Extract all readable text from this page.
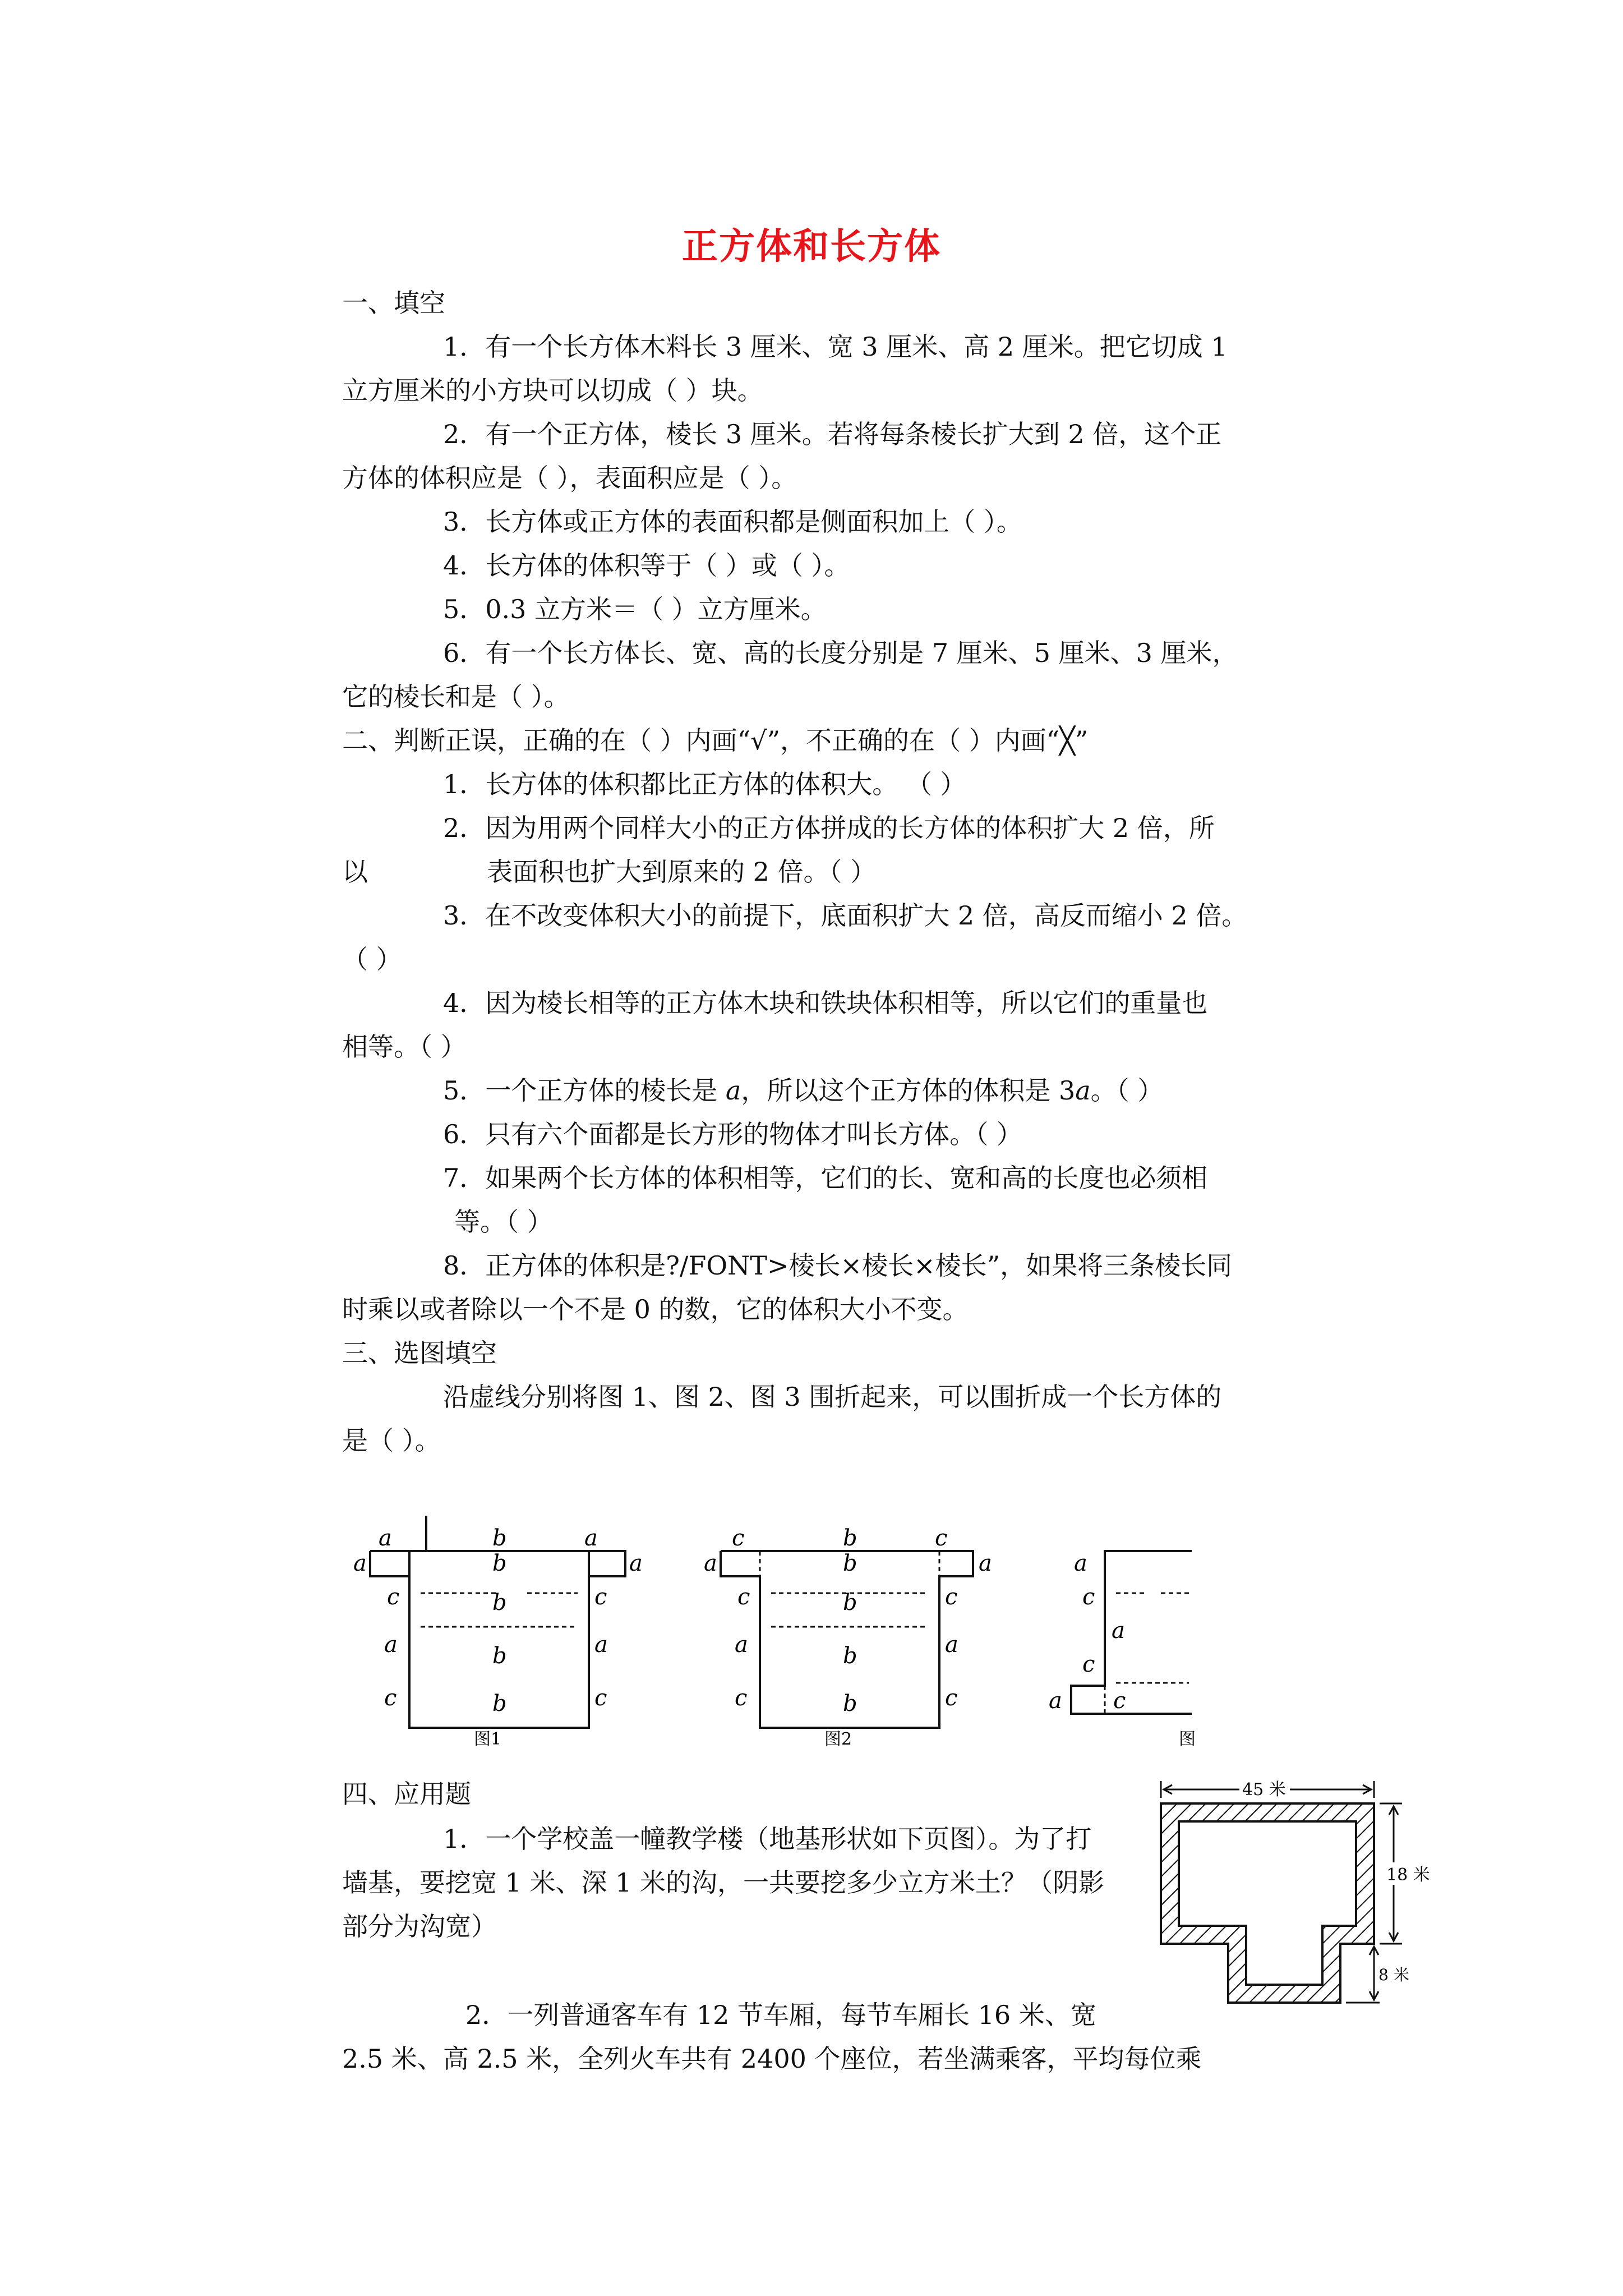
正方体和长方体
一、填空
1．有一个长方体木料长 3 厘米、宽 3 厘米、高 2 厘米。把它切成 1
立方厘米的小方块可以切成（ ）块。
2．有一个正方体，棱长 3 厘米。若将每条棱长扩大到 2 倍，这个正
方体的体积应是（ ），表面积应是（ ）。
3．长方体或正方体的表面积都是侧面积加上（ ）。
4．长方体的体积等于（ ）或（ ）。
5．0.3 立方米＝（ ）立方厘米。
6．有一个长方体长、宽、高的长度分别是 7 厘米、5 厘米、3 厘米，
它的棱长和是（ ）。
二、判断正误，正确的在（ ）内画“√”，不正确的在（ ）内画“╳”
1．长方体的体积都比正方体的体积大。 （ ）
2．因为用两个同样大小的正方体拼成的长方体的体积扩大 2 倍，所
以	表面积也扩大到原来的 2 倍。（ ）
3．在不改变体积大小的前提下，底面积扩大 2 倍，高反而缩小 2 倍。
（ ）
4．因为棱长相等的正方体木块和铁块体积相等，所以它们的重量也
相等。（ ）
5．一个正方体的棱长是 a，所以这个正方体的体积是 3a。（ ）
6．只有六个面都是长方形的物体才叫长方体。（ ）
7．如果两个长方体的体积相等，它们的长、宽和高的长度也必须相
等。（ ）
8．正方体的体积是?/FONT>棱长×棱长×棱长”，如果将三条棱长同
时乘以或者除以一个不是 0 的数，它的体积大小不变。
三、选图填空
沿虚线分别将图 1、图 2、图 3 围折起来，可以围折成一个长方体的
是（ ）。
a	b	a
a	b	a
c	b	c
a	b	a
c	b	c
图1
c	b	c
a	b	a
c	b	c
a	b	a
c	b	c
图2
a
c
a
c
a c
图
四、应用题
1．一个学校盖一幢教学楼（地基形状如下页图）。为了打
墙基，要挖宽 1 米、深 1 米的沟，一共要挖多少立方米土？（阴影
部分为沟宽）
2．一列普通客车有 12 节车厢，每节车厢长 16 米、宽
2.5 米、高 2.5 米，全列火车共有 2400 个座位，若坐满乘客，平均每位乘
45 米
18 米
8 米
